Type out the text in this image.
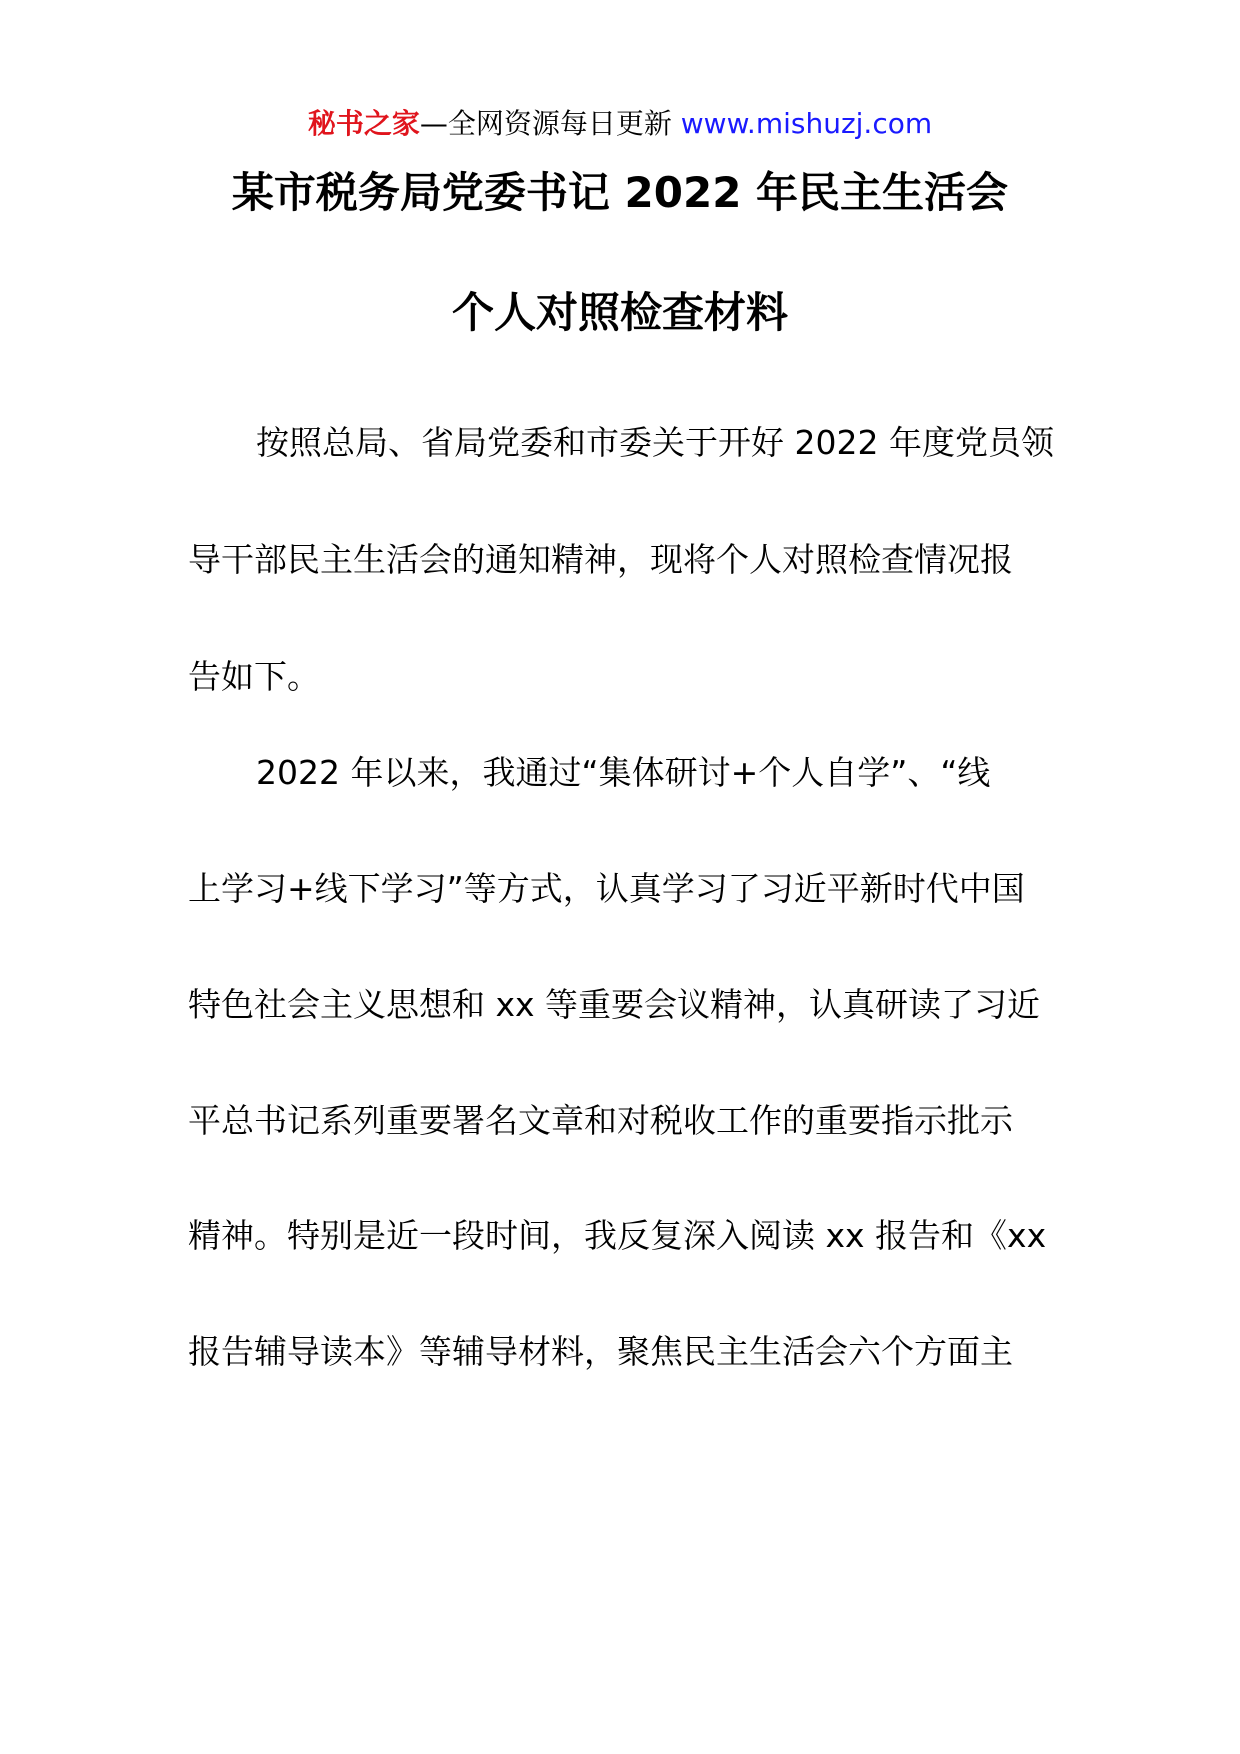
秘书之家—全网资源每日更新 www.mishuzj.com
某市税务局党委书记 2022 年民主生活会
个人对照检查材料
按照总局、省局党委和市委关于开好 2022 年度党员领
导干部民主生活会的通知精神，现将个人对照检查情况报
告如下。
2022 年以来，我通过“集体研讨+个人自学”、“线
上学习+线下学习”等方式，认真学习了习近平新时代中国
特色社会主义思想和 xx 等重要会议精神，认真研读了习近
平总书记系列重要署名文章和对税收工作的重要指示批示
精神。特别是近一段时间，我反复深入阅读 xx 报告和《xx
报告辅导读本》等辅导材料，聚焦民主生活会六个方面主
